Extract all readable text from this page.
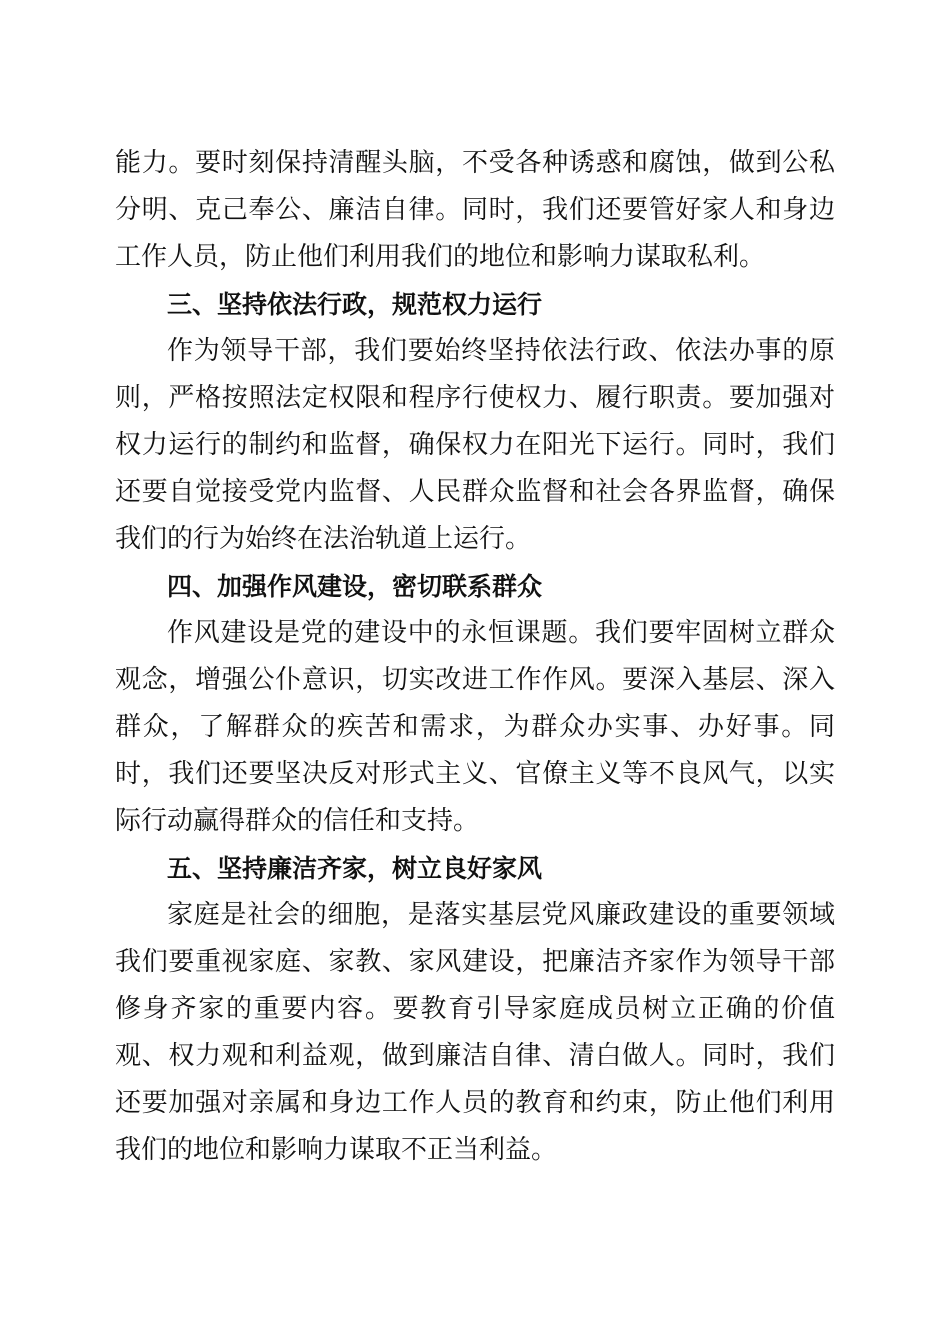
能力。要时刻保持清醒头脑，不受各种诱惑和腐蚀，做到公私分明、克己奉公、廉洁自律。同时，我们还要管好家人和身边工作人员，防止他们利用我们的地位和影响力谋取私利。

三、坚持依法行政，规范权力运行

作为领导干部，我们要始终坚持依法行政、依法办事的原则，严格按照法定权限和程序行使权力、履行职责。要加强对权力运行的制约和监督，确保权力在阳光下运行。同时，我们还要自觉接受党内监督、人民群众监督和社会各界监督，确保我们的行为始终在法治轨道上运行。

四、加强作风建设，密切联系群众

作风建设是党的建设中的永恒课题。我们要牢固树立群众观念，增强公仆意识，切实改进工作作风。要深入基层、深入群众，了解群众的疾苦和需求，为群众办实事、办好事。同时，我们还要坚决反对形式主义、官僚主义等不良风气，以实际行动赢得群众的信任和支持。

五、坚持廉洁齐家，树立良好家风

家庭是社会的细胞，是落实基层党风廉政建设的重要领域我们要重视家庭、家教、家风建设，把廉洁齐家作为领导干部修身齐家的重要内容。要教育引导家庭成员树立正确的价值观、权力观和利益观，做到廉洁自律、清白做人。同时，我们还要加强对亲属和身边工作人员的教育和约束，防止他们利用我们的地位和影响力谋取不正当利益。
